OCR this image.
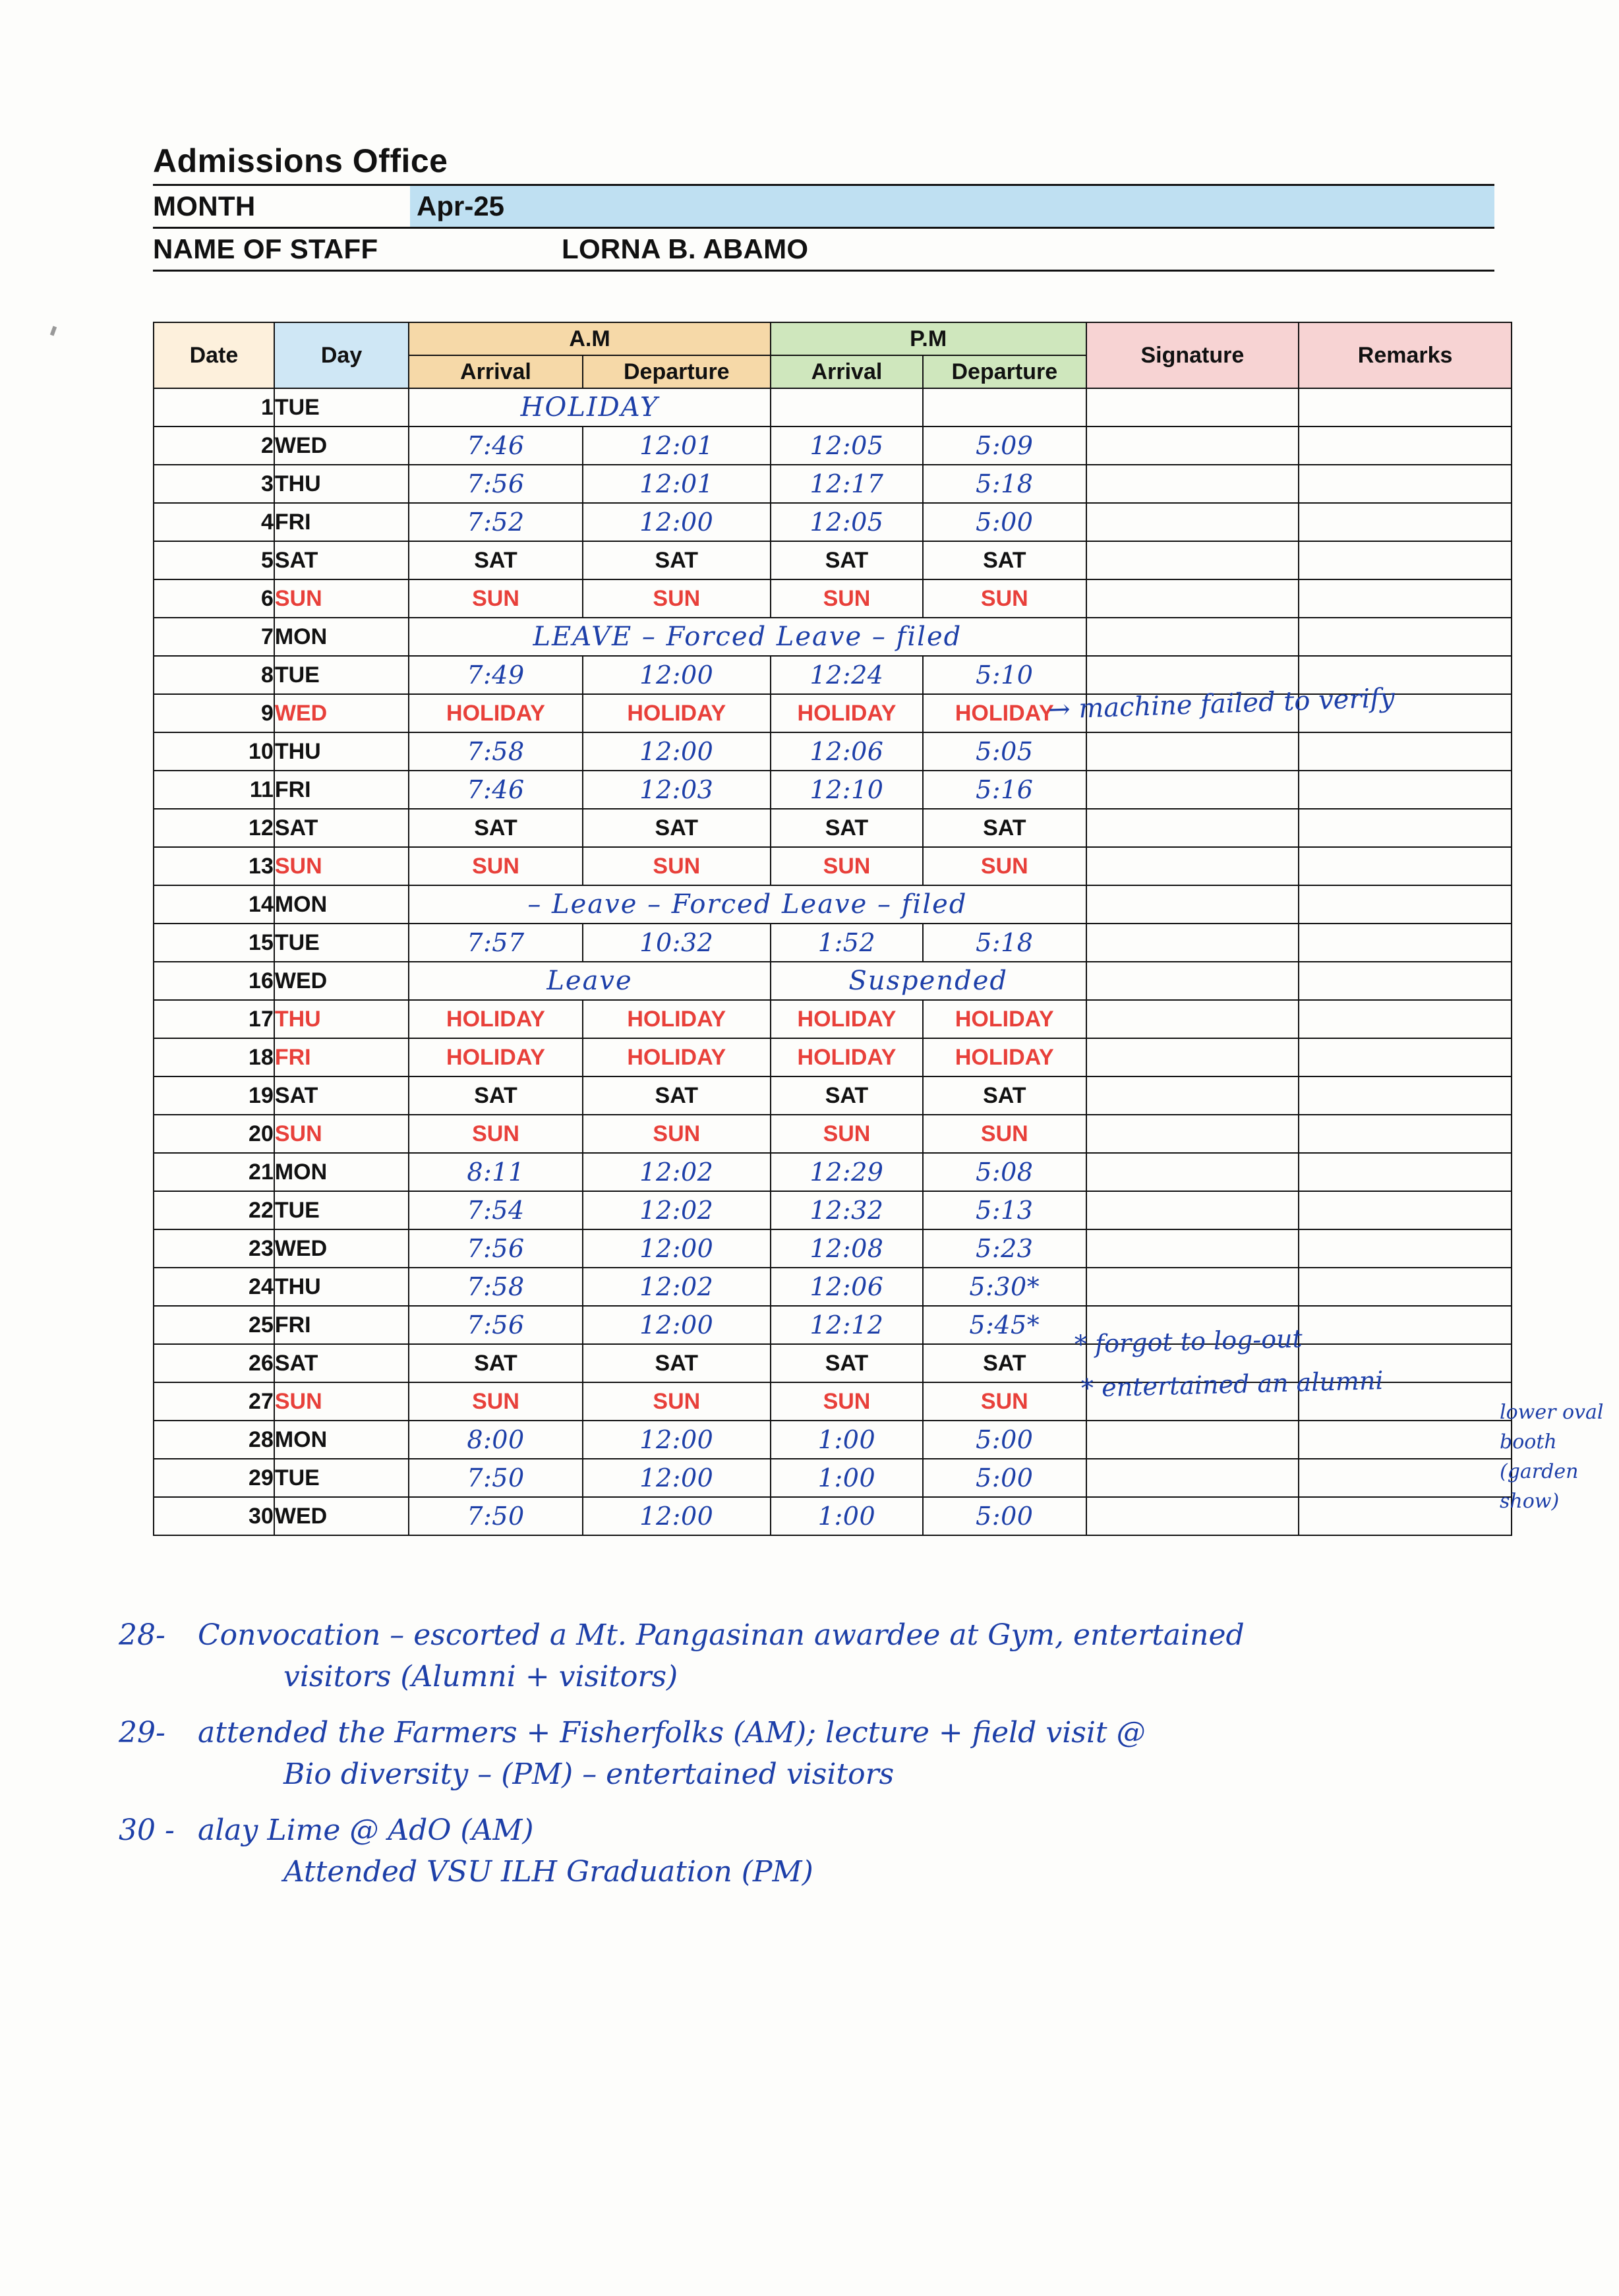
Admissions Office
MONTH	Apr-25
NAME OF STAFF	LORNA B. ABAMO
Date	Day	A.M		P.M		Signature	Remarks
		Arrival	Departure	Arrival	Departure		
1	TUE	HOLIDAY					
2	WED	7:46	12:01	12:05	5:09		
3	THU	7:56	12:01	12:17	5:18		
4	FRI	7:52	12:00	12:05	5:00		
5	SAT	SAT	SAT	SAT	SAT		
6	SUN	SUN	SUN	SUN	SUN		
7	MON	LEAVE – Forced Leave – filed					
8	TUE	7:49	12:00	12:24	5:10		
9	WED	HOLIDAY	HOLIDAY	HOLIDAY	HOLIDAY		
10	THU	7:58	12:00	12:06	5:05		
11	FRI	7:46	12:03	12:10	5:16		
12	SAT	SAT	SAT	SAT	SAT		
13	SUN	SUN	SUN	SUN	SUN		
14	MON	– Leave – Forced Leave – filed					
15	TUE	7:57	10:32	1:52	5:18		
16	WED	Leave		Suspended			
17	THU	HOLIDAY	HOLIDAY	HOLIDAY	HOLIDAY		
18	FRI	HOLIDAY	HOLIDAY	HOLIDAY	HOLIDAY		
19	SAT	SAT	SAT	SAT	SAT		
20	SUN	SUN	SUN	SUN	SUN		
21	MON	8:11	12:02	12:29	5:08		
22	TUE	7:54	12:02	12:32	5:13		
23	WED	7:56	12:00	12:08	5:23		
24	THU	7:58	12:02	12:06	5:30*		
25	FRI	7:56	12:00	12:12	5:45*		
26	SAT	SAT	SAT	SAT	SAT		
27	SUN	SUN	SUN	SUN	SUN		
28	MON	8:00	12:00	1:00	5:00		
29	TUE	7:50	12:00	1:00	5:00		
30	WED	7:50	12:00	1:00	5:00		
→ machine failed to verify
* forgot to log-out
* entertained an alumni
lower oval booth (garden show)
28- Convocation – escorted a Mt. Pangasinan awardee at Gym, entertained
visitors (Alumni + visitors)
29- attended the Farmers + Fisherfolks (AM); lecture + field visit @
Bio diversity – (PM) – entertained visitors
30 - alay Lime @ AdO (AM)
Attended VSU ILH Graduation (PM)
